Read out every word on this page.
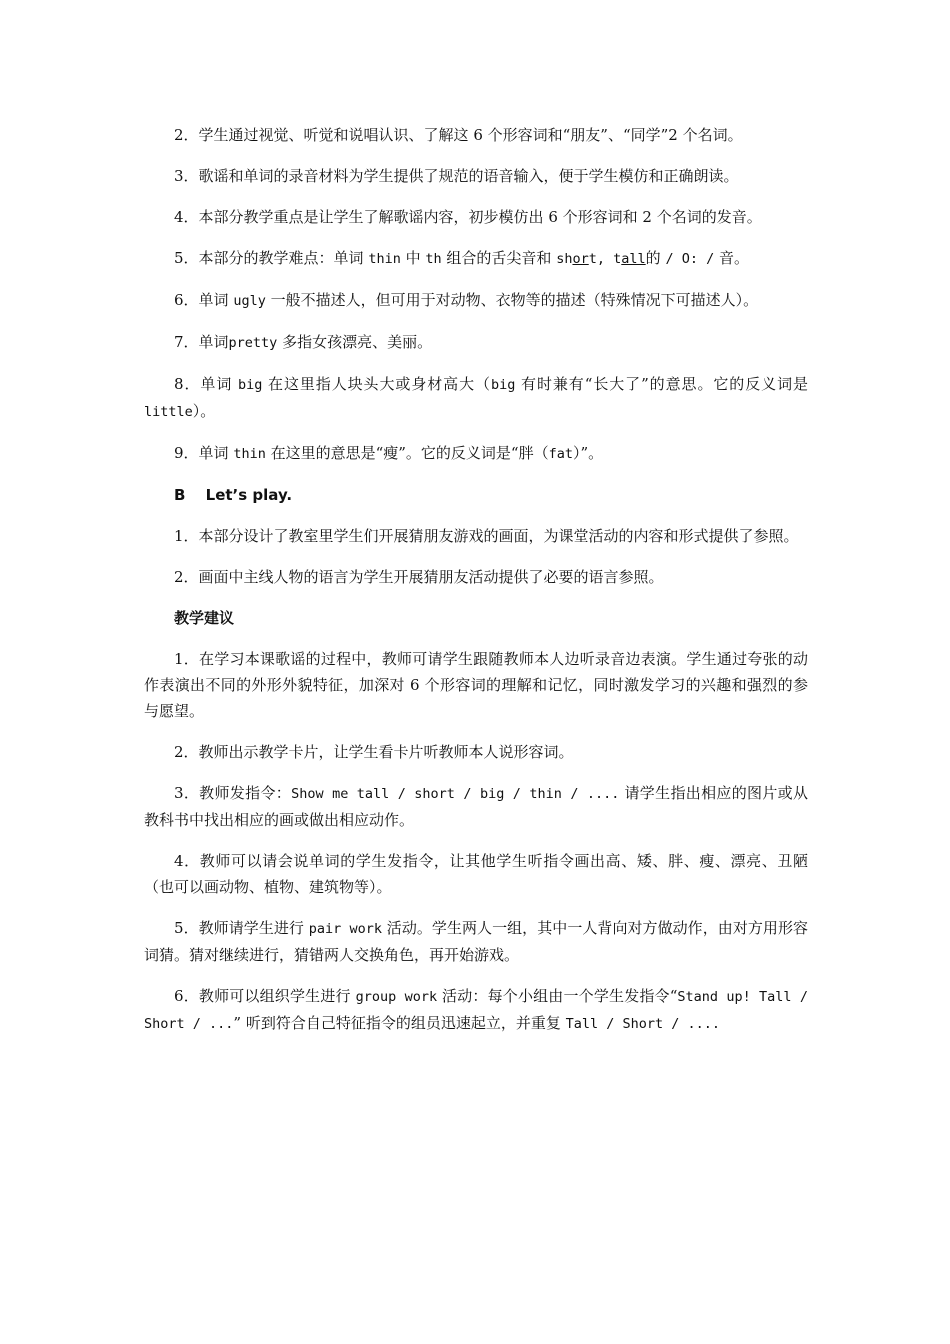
2．学生通过视觉、听觉和说唱认识、了解这 6 个形容词和“朋友”、“同学”2 个名词。

3．歌谣和单词的录音材料为学生提供了规范的语音输入，便于学生模仿和正确朗读。

4．本部分教学重点是让学生了解歌谣内容，初步模仿出 6 个形容词和 2 个名词的发音。

5．本部分的教学难点：单词 thin 中 th 组合的舌尖音和 short, tall的 / O: / 音。

6．单词 ugly 一般不描述人，但可用于对动物、衣物等的描述（特殊情况下可描述人）。

7．单词pretty 多指女孩漂亮、美丽。

8．单词 big 在这里指人块头大或身材高大（big 有时兼有“长大了”的意思。它的反义词是 little）。

9．单词 thin 在这里的意思是“瘦”。它的反义词是“胖（fat）”。

B　 Let’s play.

1．本部分设计了教室里学生们开展猜朋友游戏的画面，为课堂活动的内容和形式提供了参照。

2．画面中主线人物的语言为学生开展猜朋友活动提供了必要的语言参照。

教学建议

1．在学习本课歌谣的过程中，教师可请学生跟随教师本人边听录音边表演。学生通过夸张的动作表演出不同的外形外貌特征，加深对 6 个形容词的理解和记忆，同时激发学习的兴趣和强烈的参与愿望。

2．教师出示教学卡片，让学生看卡片听教师本人说形容词。

3．教师发指令：Show me tall / short / big / thin / .... 请学生指出相应的图片或从教科书中找出相应的画或做出相应动作。

4．教师可以请会说单词的学生发指令，让其他学生听指令画出高、矮、胖、瘦、漂亮、丑陋（也可以画动物、植物、建筑物等）。

5．教师请学生进行 pair work 活动。学生两人一组，其中一人背向对方做动作，由对方用形容词猜。猜对继续进行，猜错两人交换角色，再开始游戏。

6．教师可以组织学生进行 group work 活动：每个小组由一个学生发指令“Stand up! Tall / Short / ...” 听到符合自己特征指令的组员迅速起立，并重复 Tall / Short / ....
